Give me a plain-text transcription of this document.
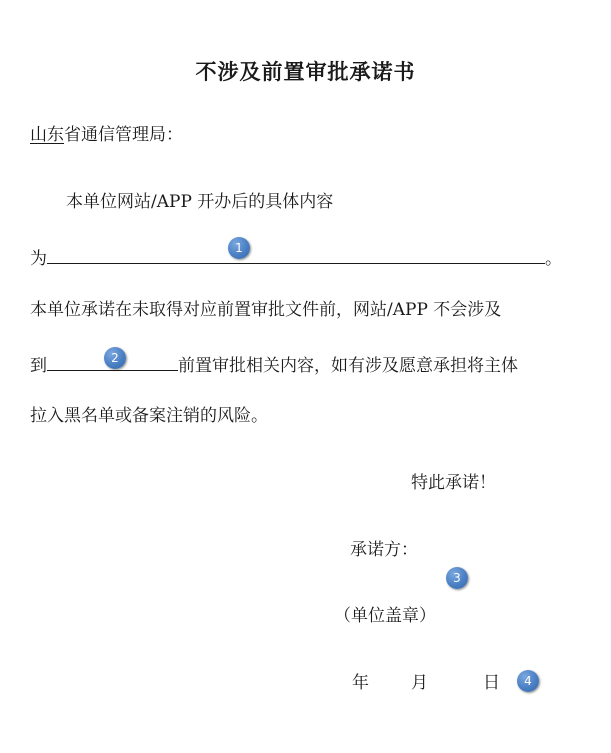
不涉及前置审批承诺书
山东省通信管理局：
本单位网站/APP 开办后的具体内容
为	。
本单位承诺在未取得对应前置审批文件前，网站/APP 不会涉及
到	前置审批相关内容，如有涉及愿意承担将主体
拉入黑名单或备案注销的风险。
特此承诺！
承诺方：
（单位盖章）
年 月	日
1
2
3
4
